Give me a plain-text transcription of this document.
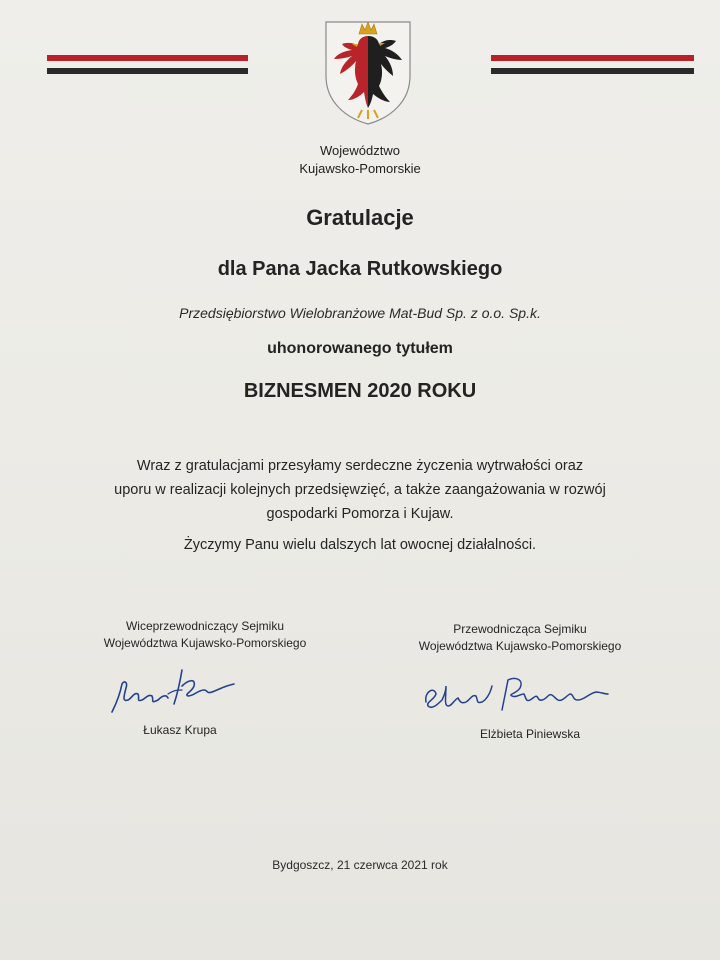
Województwo
Kujawsko-Pomorskie
Gratulacje
dla Pana Jacka Rutkowskiego
Przedsiębiorstwo Wielobranżowe Mat-Bud Sp. z o.o. Sp.k.
uhonorowanego tytułem
BIZNESMEN 2020 ROKU

Wraz z gratulacjami przesyłamy serdeczne życzenia wytrwałości oraz

uporu w realizacji kolejnych przedsięwzięć, a także zaangażowania w rozwój

gospodarki Pomorza i Kujaw.

Życzymy Panu wielu dalszych lat owocnej działalności.
Wiceprzewodniczący Sejmiku
Województwa Kujawsko-Pomorskiego
Przewodnicząca Sejmiku
Województwa Kujawsko-Pomorskiego
Łukasz Krupa	Elżbieta Piniewska
Bydgoszcz, 21 czerwca 2021 rok
